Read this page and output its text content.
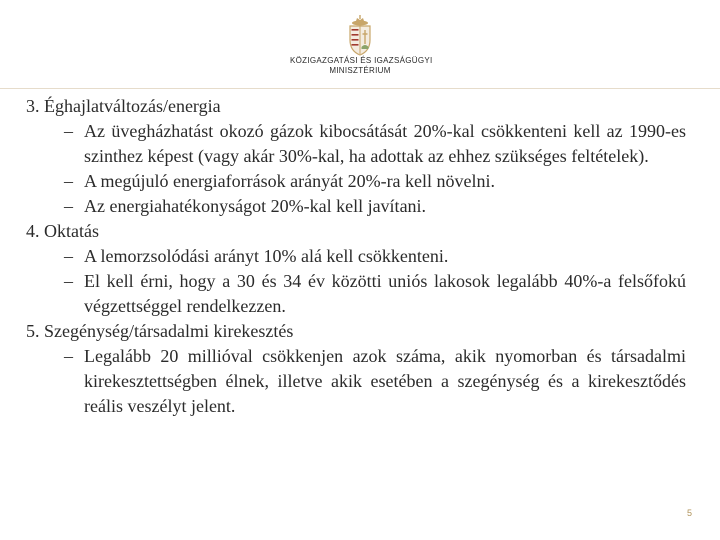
KÖZIGAZGATÁSI ÉS IGAZSÁGÜGYI
MINISZTÉRIUM

3. Éghajlatváltozás/energia

– Az üvegházhatást okozó gázok kibocsátását 20%-kal csökkenteni kell az 1990-es szinthez képest (vagy akár 30%-kal, ha adottak az ehhez szükséges feltételek).

– A megújuló energiaforrások arányát 20%-ra kell növelni.

– Az energiahatékonyságot 20%-kal kell javítani.

4. Oktatás

– A lemorzsolódási arányt 10% alá kell csökkenteni.

– El kell érni, hogy a 30 és 34 év közötti uniós lakosok legalább 40%-a felsőfokú végzettséggel rendelkezzen.

5. Szegénység/társadalmi kirekesztés

– Legalább 20 millióval csökkenjen azok száma, akik nyomorban és társadalmi kirekesztettségben élnek, illetve akik esetében a szegénység és a kirekesztődés reális veszélyt jelent.

5
